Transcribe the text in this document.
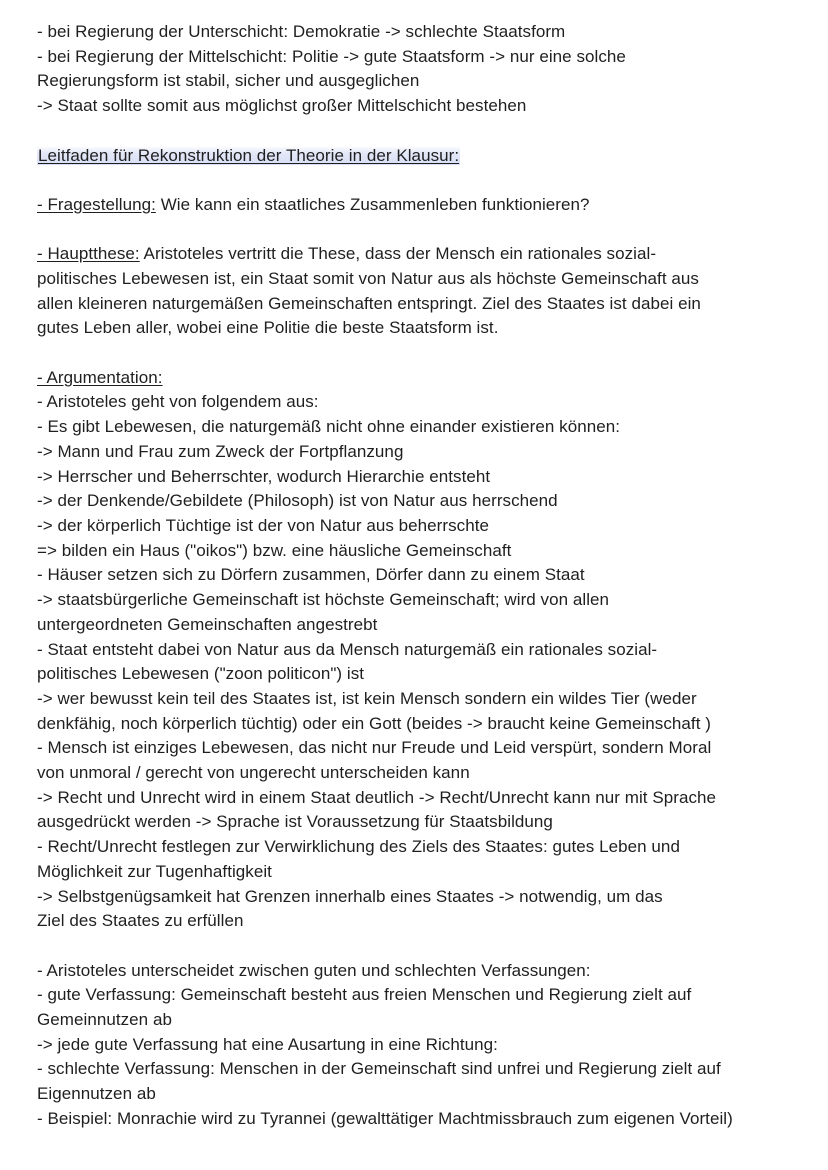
- bei Regierung der Unterschicht: Demokratie -> schlechte Staatsform
- bei Regierung der Mittelschicht: Politie -> gute Staatsform -> nur eine solche
Regierungsform ist stabil, sicher und ausgeglichen
-> Staat sollte somit aus möglichst großer Mittelschicht bestehen
Leitfaden für Rekonstruktion der Theorie in der Klausur:
- Fragestellung: Wie kann ein staatliches Zusammenleben funktionieren?
- Hauptthese: Aristoteles vertritt die These, dass der Mensch ein rationales sozial-
politisches Lebewesen ist, ein Staat somit von Natur aus als höchste Gemeinschaft aus
allen kleineren naturgemäßen Gemeinschaften entspringt. Ziel des Staates ist dabei ein
gutes Leben aller, wobei eine Politie die beste Staatsform ist.
- Argumentation:
- Aristoteles geht von folgendem aus:
- Es gibt Lebewesen, die naturgemäß nicht ohne einander existieren können:
-> Mann und Frau zum Zweck der Fortpflanzung
-> Herrscher und Beherrschter, wodurch Hierarchie entsteht
-> der Denkende/Gebildete (Philosoph) ist von Natur aus herrschend
-> der körperlich Tüchtige ist der von Natur aus beherrschte
=> bilden ein Haus ("oikos") bzw. eine häusliche Gemeinschaft
- Häuser setzen sich zu Dörfern zusammen, Dörfer dann zu einem Staat
-> staatsbürgerliche Gemeinschaft ist höchste Gemeinschaft; wird von allen
untergeordneten Gemeinschaften angestrebt
- Staat entsteht dabei von Natur aus da Mensch naturgemäß ein rationales sozial-
politisches Lebewesen ("zoon politicon") ist
-> wer bewusst kein teil des Staates ist, ist kein Mensch sondern ein wildes Tier (weder
denkfähig, noch körperlich tüchtig) oder ein Gott (beides -> braucht keine Gemeinschaft )
- Mensch ist einziges Lebewesen, das nicht nur Freude und Leid verspürt, sondern Moral
von unmoral / gerecht von ungerecht unterscheiden kann
-> Recht und Unrecht wird in einem Staat deutlich -> Recht/Unrecht kann nur mit Sprache
ausgedrückt werden -> Sprache ist Voraussetzung für Staatsbildung
- Recht/Unrecht festlegen zur Verwirklichung des Ziels des Staates: gutes Leben und
Möglichkeit zur Tugenhaftigkeit
-> Selbstgenügsamkeit hat Grenzen innerhalb eines Staates -> notwendig, um das
Ziel des Staates zu erfüllen
- Aristoteles unterscheidet zwischen guten und schlechten Verfassungen:
- gute Verfassung: Gemeinschaft besteht aus freien Menschen und Regierung zielt auf
Gemeinnutzen ab
-> jede gute Verfassung hat eine Ausartung in eine Richtung:
- schlechte Verfassung: Menschen in der Gemeinschaft sind unfrei und Regierung zielt auf
Eigennutzen ab
- Beispiel: Monrachie wird zu Tyrannei (gewalttätiger Machtmissbrauch zum eigenen Vorteil)
